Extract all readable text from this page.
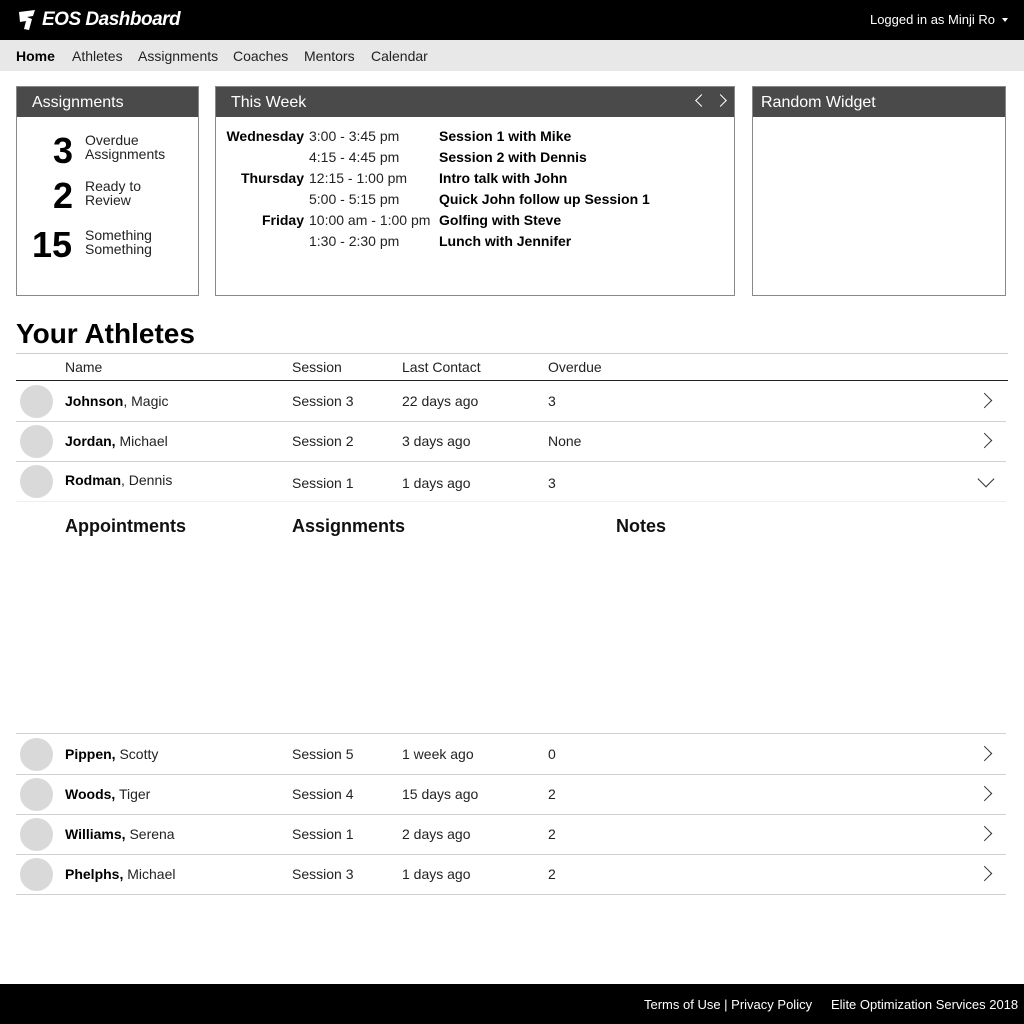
EOS Dashboard	Logged in as Minji Ro
Home Athletes Assignments Coaches Mentors Calendar
Assignments
3 Overdue
Assignments
2 Ready to
Review
15 Something
Something
This Week
Wednesday 3:00 - 3:45 pm	Session 1 with Mike
4:15 - 4:45 pm	Session 2 with Dennis
Thursday 12:15 - 1:00 pm Intro talk with John
5:00 - 5:15 pm	Quick John follow up Session 1
Friday 10:00 am - 1:00 pm Golfing with Steve
1:30 - 2:30 pm	Lunch with Jennifer
Random Widget
Your Athletes
Name	Session	Last Contact	Overdue
Johnson, Magic	Session 3	22 days ago	3
Jordan, Michael	Session 2	3 days ago	None
Rodman, Dennis	Session 1	1 days ago	3
Pippen, Scotty	Session 5	1 week ago	0
Woods, Tiger	Session 4	15 days ago	2
Williams, Serena	Session 1	2 days ago	2
Phelphs, Michael	Session 3	1 days ago	2
Appointments	Assignments	Notes
Terms of Use | Privacy Policy Elite Optimization Services 2018
